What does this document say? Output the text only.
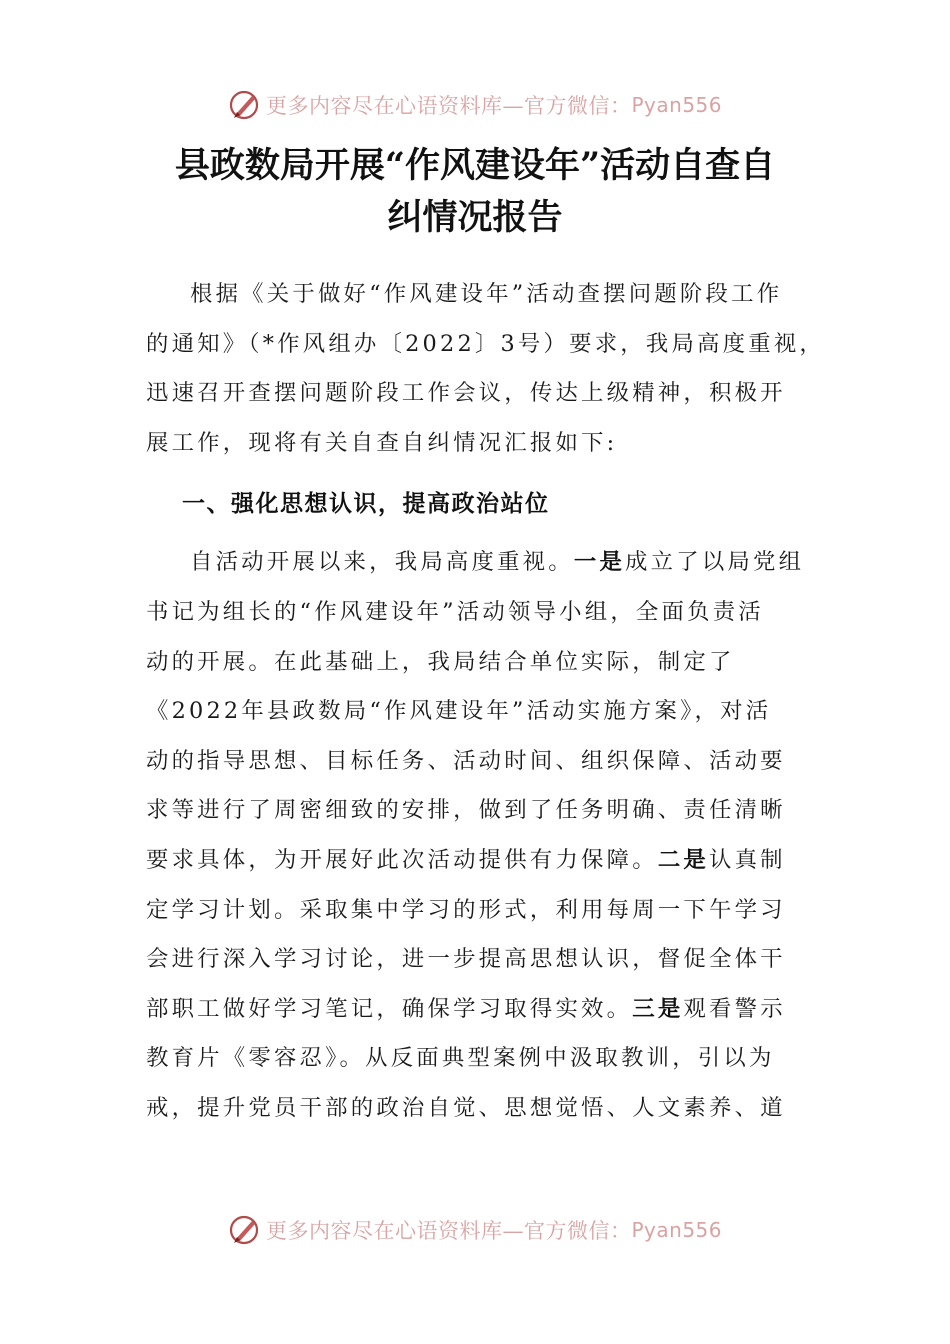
更多内容尽在心语资料库—官方微信： Pyan556
县政数局开展“作风建设年”活动自查自
纠情况报告

根据《关于做好“作风建设年”活动查摆问题阶段工作
的通知》（*作风组办〔2022〕3号）要求，我局高度重视，
迅速召开查摆问题阶段工作会议，传达上级精神，积极开
展工作，现将有关自查自纠情况汇报如下:

一、强化思想认识，提高政治站位

自活动开展以来，我局高度重视。一是成立了以局党组
书记为组长的“作风建设年”活动领导小组，全面负责活
动的开展。在此基础上，我局结合单位实际，制定了
《2022年县政数局“作风建设年”活动实施方案》，对活
动的指导思想、目标任务、活动时间、组织保障、活动要
求等进行了周密细致的安排，做到了任务明确、责任清晰
要求具体，为开展好此次活动提供有力保障。二是认真制
定学习计划。采取集中学习的形式，利用每周一下午学习
会进行深入学习讨论，进一步提高思想认识，督促全体干
部职工做好学习笔记，确保学习取得实效。三是观看警示
教育片《零容忍》。从反面典型案例中汲取教训，引以为
戒，提升党员干部的政治自觉、思想觉悟、人文素养、道

更多内容尽在心语资料库—官方微信： Pyan556
